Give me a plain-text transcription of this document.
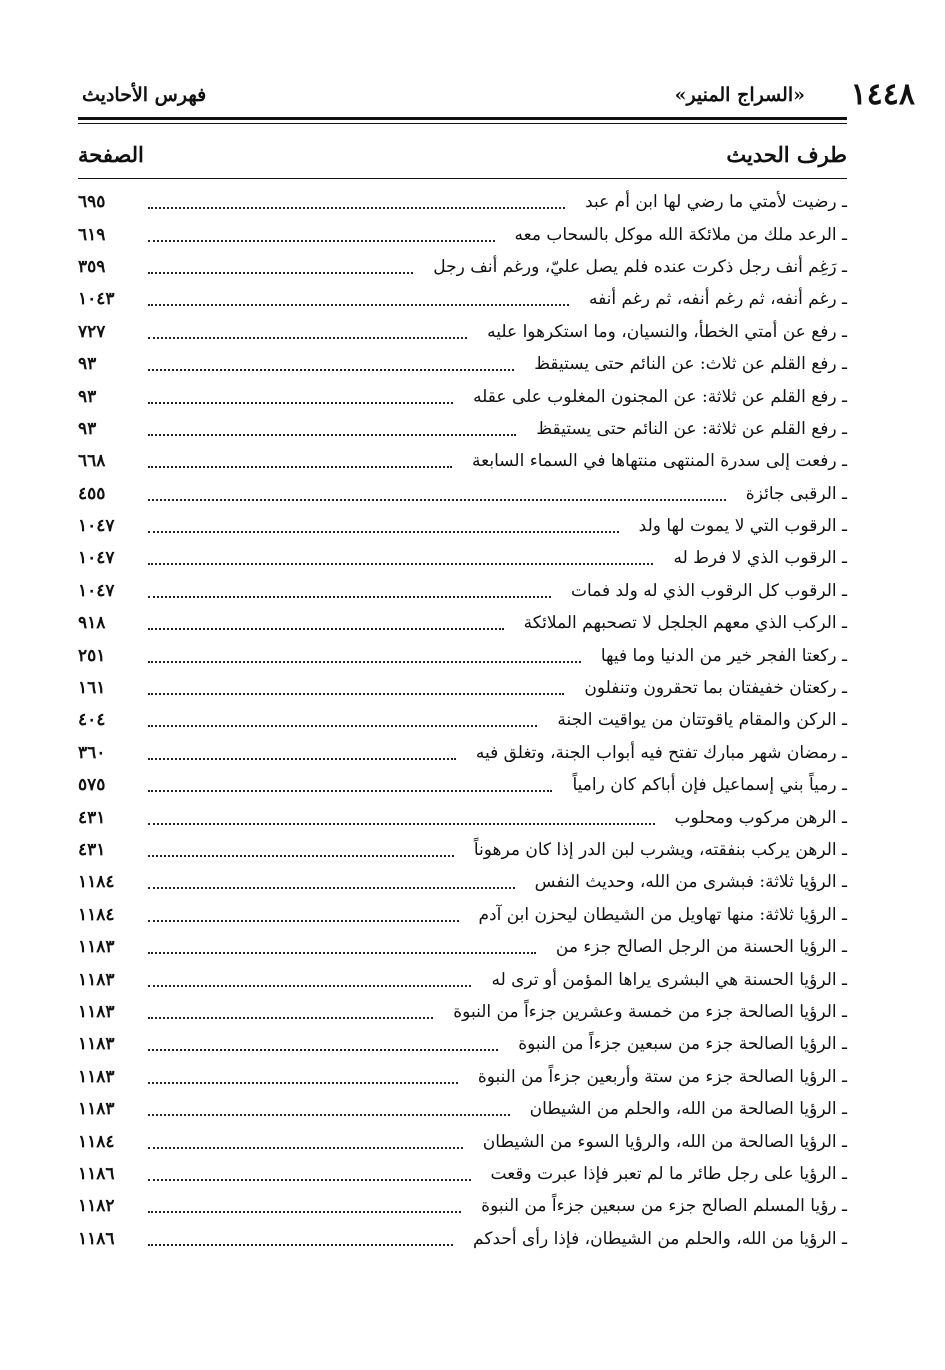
١٤٤٨
«السراج المنير»
فهرس الأحاديث
طرف الحديث
الصفحة
ـ رضيت لأمتي ما رضي لها ابن أم عبد
٦٩٥
ـ الرعد ملك من ملائكة الله موكل بالسحاب معه
٦١٩
ـ رَغِم أنف رجل ذكرت عنده فلم يصل عليّ، ورغم أنف رجل
٣٥٩
ـ رغم أنفه، ثم رغم أنفه، ثم رغم أنفه
١٠٤٣
ـ رفع عن أمتي الخطأ، والنسيان، وما استكرهوا عليه
٧٢٧
ـ رفع القلم عن ثلاث: عن النائم حتى يستيقظ
٩٣
ـ رفع القلم عن ثلاثة: عن المجنون المغلوب على عقله
٩٣
ـ رفع القلم عن ثلاثة: عن النائم حتى يستيقظ
٩٣
ـ رفعت إلى سدرة المنتهى منتهاها في السماء السابعة
٦٦٨
ـ الرقبى جائزة
٤٥٥
ـ الرقوب التي لا يموت لها ولد
١٠٤٧
ـ الرقوب الذي لا فرط له
١٠٤٧
ـ الرقوب كل الرقوب الذي له ولد فمات
١٠٤٧
ـ الركب الذي معهم الجلجل لا تصحبهم الملائكة
٩١٨
ـ ركعتا الفجر خير من الدنيا وما فيها
٢٥١
ـ ركعتان خفيفتان بما تحقرون وتنفلون
١٦١
ـ الركن والمقام ياقوتتان من يواقيت الجنة
٤٠٤
ـ رمضان شهر مبارك تفتح فيه أبواب الجنة، وتغلق فيه
٣٦٠
ـ رمياً بني إسماعيل فإن أباكم كان رامياً
٥٧٥
ـ الرهن مركوب ومحلوب
٤٣١
ـ الرهن يركب بنفقته، ويشرب لبن الدر إذا كان مرهوناً
٤٣١
ـ الرؤيا ثلاثة: فبشرى من الله، وحديث النفس
١١٨٤
ـ الرؤيا ثلاثة: منها تهاويل من الشيطان ليحزن ابن آدم
١١٨٤
ـ الرؤيا الحسنة من الرجل الصالح جزء من
١١٨٣
ـ الرؤيا الحسنة هي البشرى يراها المؤمن أو ترى له
١١٨٣
ـ الرؤيا الصالحة جزء من خمسة وعشرين جزءاً من النبوة
١١٨٣
ـ الرؤيا الصالحة جزء من سبعين جزءاً من النبوة
١١٨٣
ـ الرؤيا الصالحة جزء من ستة وأربعين جزءاً من النبوة
١١٨٣
ـ الرؤيا الصالحة من الله، والحلم من الشيطان
١١٨٣
ـ الرؤيا الصالحة من الله، والرؤيا السوء من الشيطان
١١٨٤
ـ الرؤيا على رجل طائر ما لم تعبر فإذا عبرت وقعت
١١٨٦
ـ رؤيا المسلم الصالح جزء من سبعين جزءاً من النبوة
١١٨٢
ـ الرؤيا من الله، والحلم من الشيطان، فإذا رأى أحدكم
١١٨٦
